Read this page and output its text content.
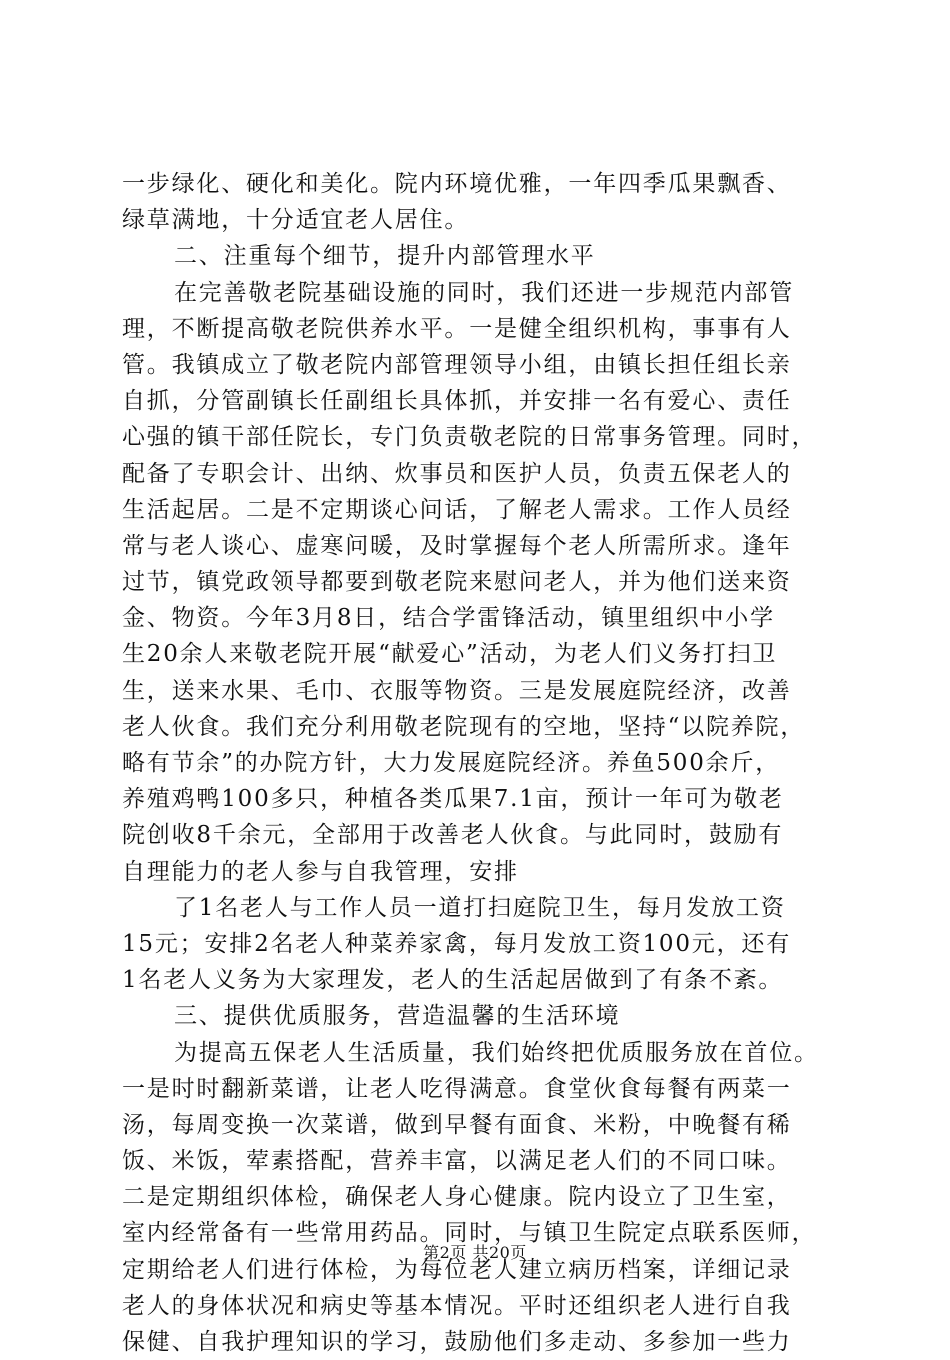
一步绿化、硬化和美化。院内环境优雅，一年四季瓜果飘香、
绿草满地，十分适宜老人居住。
二、注重每个细节，提升内部管理水平
在完善敬老院基础设施的同时，我们还进一步规范内部管
理，不断提高敬老院供养水平。一是健全组织机构，事事有人
管。我镇成立了敬老院内部管理领导小组，由镇长担任组长亲
自抓，分管副镇长任副组长具体抓，并安排一名有爱心、责任
心强的镇干部任院长，专门负责敬老院的日常事务管理。同时，
配备了专职会计、出纳、炊事员和医护人员，负责五保老人的
生活起居。二是不定期谈心问话，了解老人需求。工作人员经
常与老人谈心、虚寒问暖，及时掌握每个老人所需所求。逢年
过节，镇党政领导都要到敬老院来慰问老人，并为他们送来资
金、物资。今年3月8日，结合学雷锋活动，镇里组织中小学
生20余人来敬老院开展“献爱心”活动，为老人们义务打扫卫
生，送来水果、毛巾、衣服等物资。三是发展庭院经济，改善
老人伙食。我们充分利用敬老院现有的空地，坚持“以院养院，
略有节余”的办院方针，大力发展庭院经济。养鱼500余斤，
养殖鸡鸭100多只，种植各类瓜果7.1亩，预计一年可为敬老
院创收8千余元，全部用于改善老人伙食。与此同时，鼓励有
自理能力的老人参与自我管理，安排
了1名老人与工作人员一道打扫庭院卫生，每月发放工资
15元；安排2名老人种菜养家禽，每月发放工资100元，还有
1名老人义务为大家理发，老人的生活起居做到了有条不紊。
三、提供优质服务，营造温馨的生活环境
为提高五保老人生活质量，我们始终把优质服务放在首位。
一是时时翻新菜谱，让老人吃得满意。食堂伙食每餐有两菜一
汤，每周变换一次菜谱，做到早餐有面食、米粉，中晚餐有稀
饭、米饭，荤素搭配，营养丰富，以满足老人们的不同口味。
二是定期组织体检，确保老人身心健康。院内设立了卫生室，
室内经常备有一些常用药品。同时，与镇卫生院定点联系医师，
定期给老人们进行体检，为每位老人建立病历档案，详细记录
老人的身体状况和病史等基本情况。平时还组织老人进行自我
保健、自我护理知识的学习，鼓励他们多走动、多参加一些力
第2页 共20页
